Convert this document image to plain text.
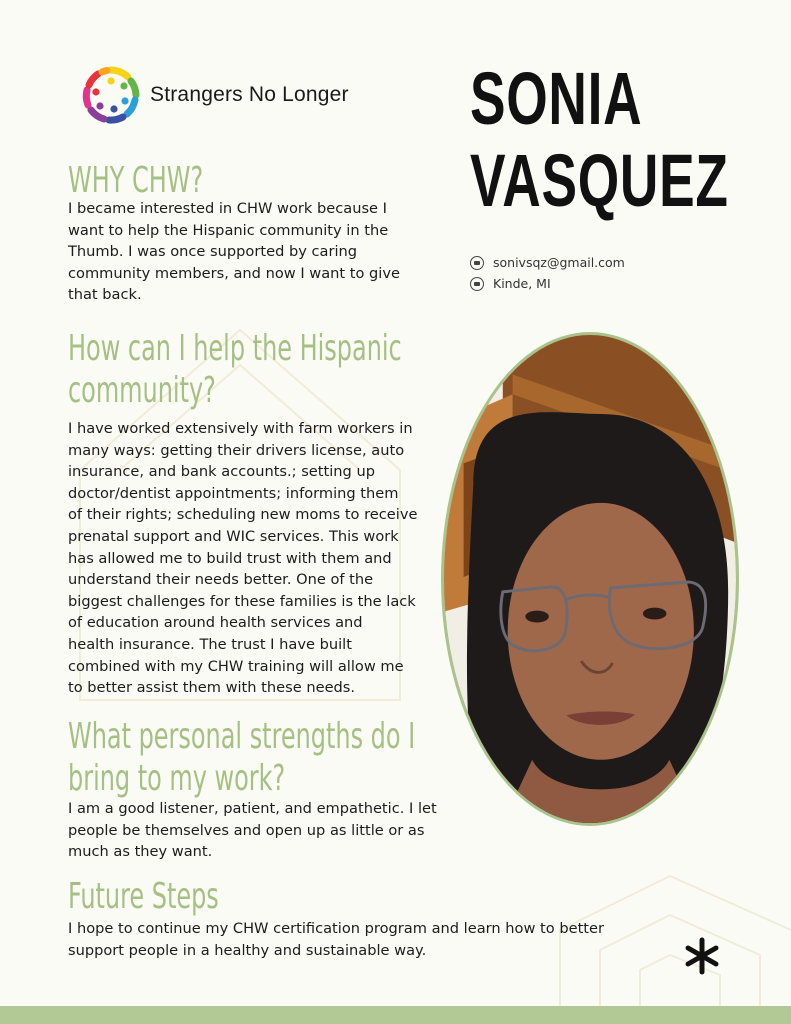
Strangers No Longer SONIA
VASQUEZ
sonivsqz@gmail.com
Kinde, MI
WHY CHW?
I became interested in CHW work because I
want to help the Hispanic community in the
Thumb. I was once supported by caring
community members, and now I want to give
that back.
How can I help the Hispanic
community?
I have worked extensively with farm workers in
many ways: getting their drivers license, auto
insurance, and bank accounts.; setting up
doctor/dentist appointments; informing them
of their rights; scheduling new moms to receive
prenatal support and WIC services. This work
has allowed me to build trust with them and
understand their needs better. One of the
biggest challenges for these families is the lack
of education around health services and
health insurance. The trust I have built
combined with my CHW training will allow me
to better assist them with these needs.
What personal strengths do I
bring to my work?
I am a good listener, patient, and empathetic. I let
people be themselves and open up as little or as
much as they want.
Future Steps
I hope to continue my CHW certification program and learn how to better
support people in a healthy and sustainable way.
